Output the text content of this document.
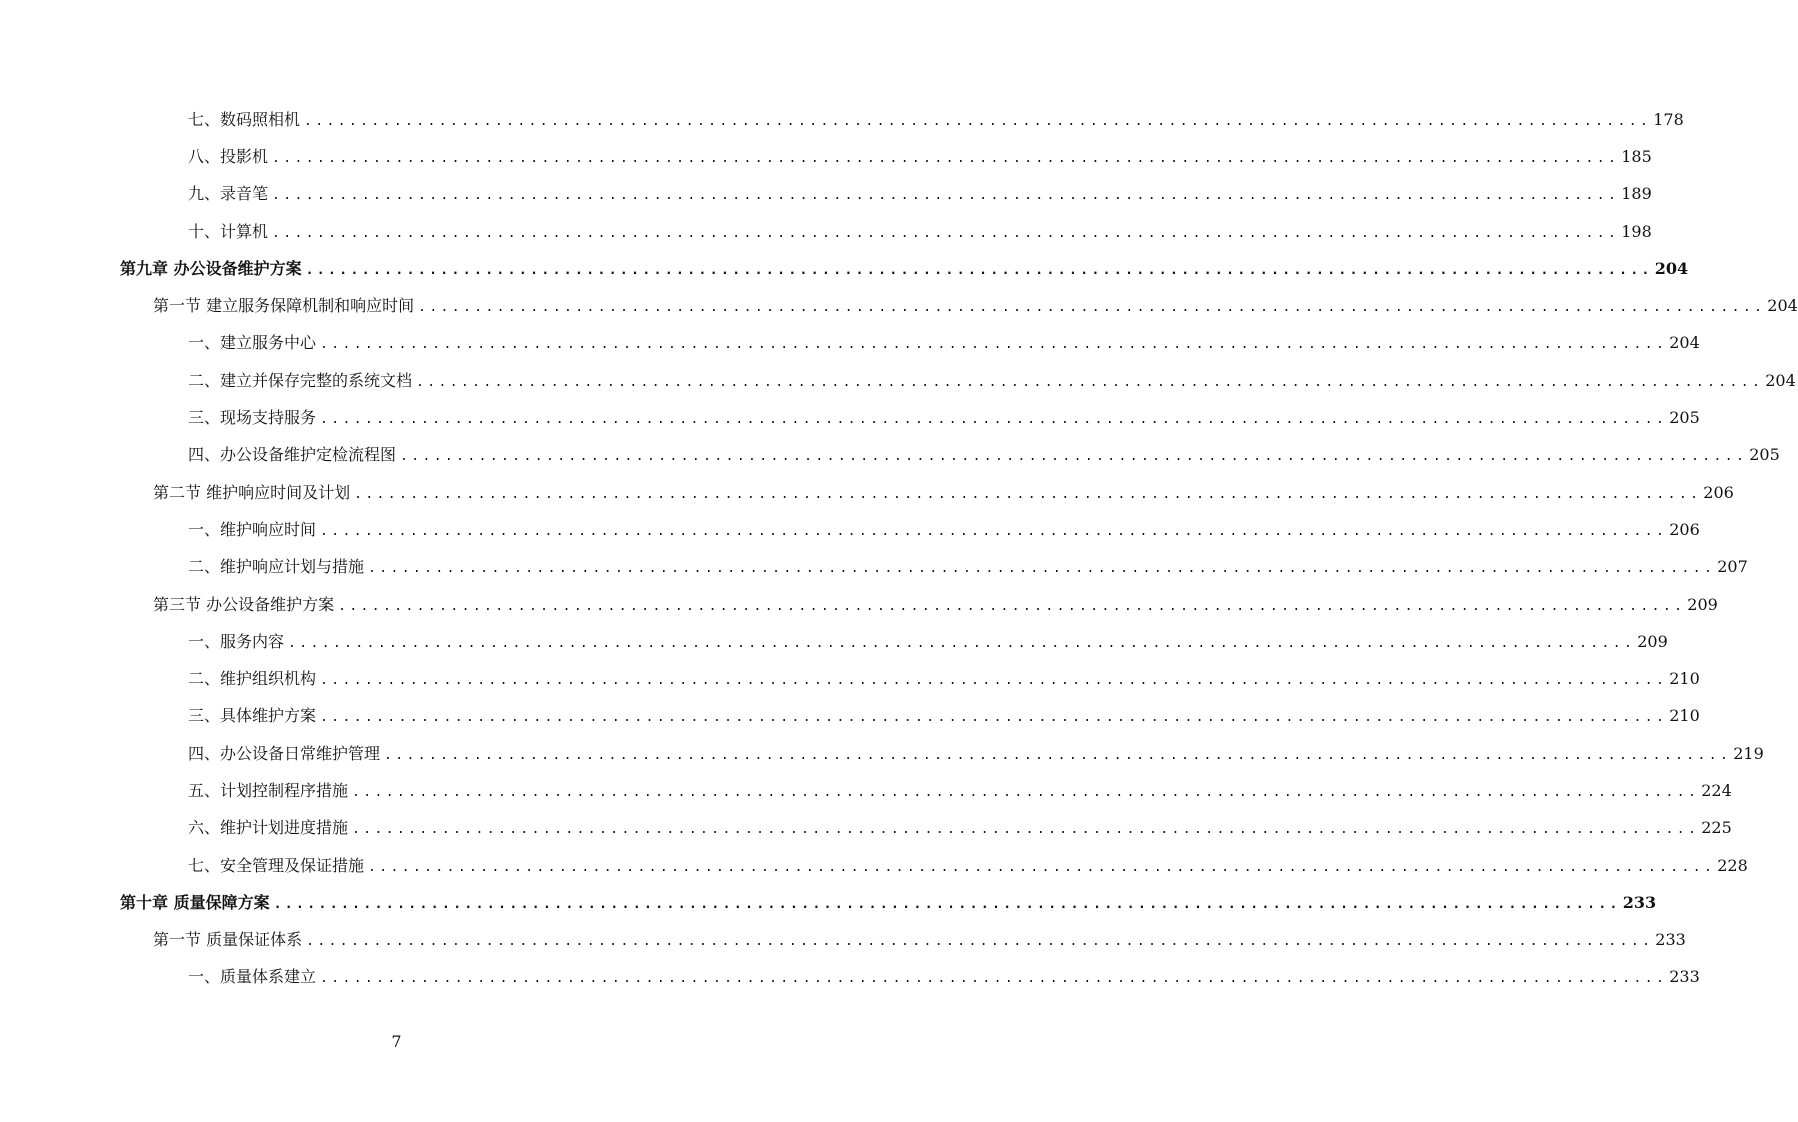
七、数码照相机 ........................................................................................................................ 178
八、投影机 ........................................................................................................................ 185
九、录音笔 ........................................................................................................................ 189
十、计算机 ........................................................................................................................ 198
第九章 办公设备维护方案 ........................................................................................................................ 204
第一节 建立服务保障机制和响应时间 ........................................................................................................................ 204
一、建立服务中心 ........................................................................................................................ 204
二、建立并保存完整的系统文档 ........................................................................................................................ 204
三、现场支持服务 ........................................................................................................................ 205
四、办公设备维护定检流程图 ........................................................................................................................ 205
第二节 维护响应时间及计划 ........................................................................................................................ 206
一、维护响应时间 ........................................................................................................................ 206
二、维护响应计划与措施 ........................................................................................................................ 207
第三节 办公设备维护方案 ........................................................................................................................ 209
一、服务内容 ........................................................................................................................ 209
二、维护组织机构 ........................................................................................................................ 210
三、具体维护方案 ........................................................................................................................ 210
四、办公设备日常维护管理 ........................................................................................................................ 219
五、计划控制程序措施 ........................................................................................................................ 224
六、维护计划进度措施 ........................................................................................................................ 225
七、安全管理及保证措施 ........................................................................................................................ 228
第十章 质量保障方案 ........................................................................................................................ 233
第一节 质量保证体系 ........................................................................................................................ 233
一、质量体系建立 ........................................................................................................................ 233
7
